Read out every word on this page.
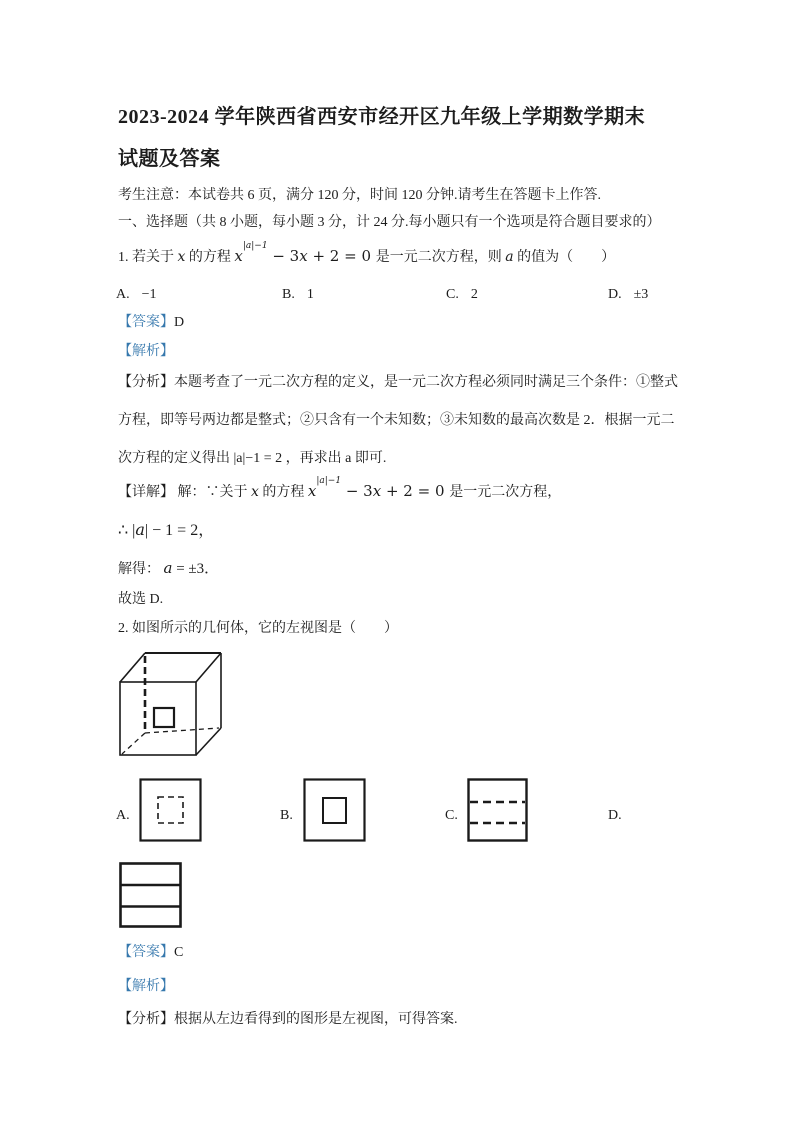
2023-2024 学年陕西省西安市经开区九年级上学期数学期末
试题及答案
考生注意：本试卷共 6 页，满分 120 分，时间 120 分钟.请考生在答题卡上作答.
一、选择题（共 8 小题，每小题 3 分，计 24 分.每小题只有一个选项是符合题目要求的）
1. 若关于 x 的方程 $x^{|a|-1} - 3x + 2 = 0$ 是一元二次方程，则 a 的值为（　　）
A. −1	B. 1	C. 2	D. ±3
【答案】D
【解析】
【分析】本题考查了一元二次方程的定义，是一元二次方程必须同时满足三个条件：①整式
方程，即等号两边都是整式；②只含有一个未知数；③未知数的最高次数是 2．根据一元二
次方程的定义得出 |a|−1 = 2 ，再求出 a 即可.
【详解】 解：∵关于 x 的方程 $x^{|a|-1} - 3x + 2 = 0$ 是一元二次方程，
∴ |a| − 1 = 2，
解得： a = ±3．
故选 D.
2. 如图所示的几何体，它的左视图是（　　）
A.	B.	C.	D.
【答案】C
【解析】
【分析】根据从左边看得到的图形是左视图，可得答案.
